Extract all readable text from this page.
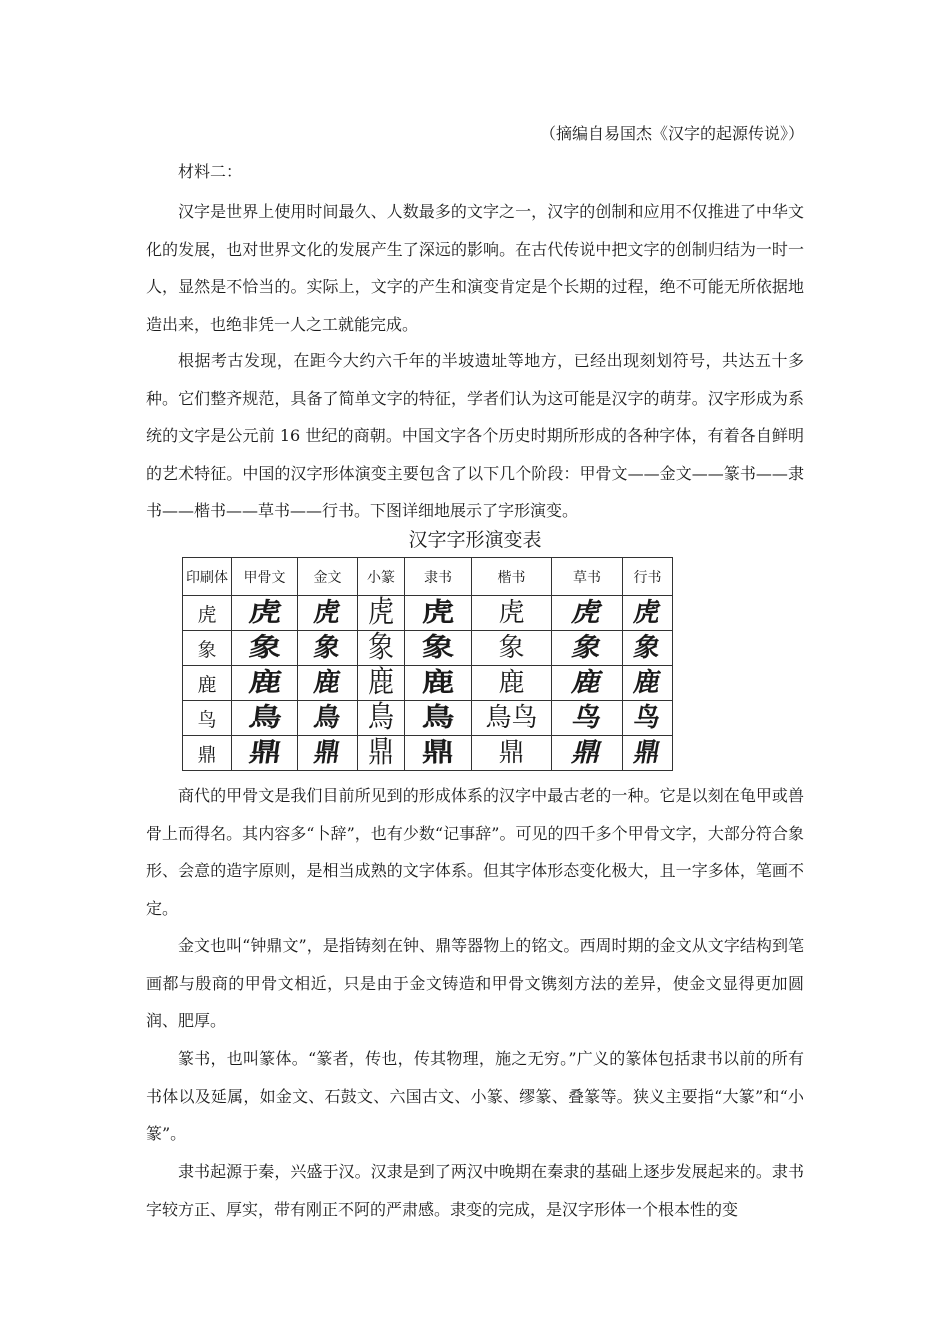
（摘编自易国杰《汉字的起源传说》）
材料二：

汉字是世界上使用时间最久、人数最多的文字之一，汉字的创制和应用不仅推进了中华文化的发展，也对世界文化的发展产生了深远的影响。在古代传说中把文字的创制归结为一时一人，显然是不恰当的。实际上，文字的产生和演变肯定是个长期的过程，绝不可能无所依据地造出来，也绝非凭一人之工就能完成。

根据考古发现，在距今大约六千年的半坡遗址等地方，已经出现刻划符号，共达五十多种。它们整齐规范，具备了简单文字的特征，学者们认为这可能是汉字的萌芽。汉字形成为系统的文字是公元前 16 世纪的商朝。中国文字各个历史时期所形成的各种字体，有着各自鲜明的艺术特征。中国的汉字形体演变主要包含了以下几个阶段：甲骨文——金文——篆书——隶书——楷书——草书——行书。下图详细地展示了字形演变。

汉字字形演变表
印刷体	甲骨文	金文	小篆	隶书	楷书	草书	行书
虎	虎	虎	虎	虎	虎	虎	虎
象	象	象	象	象	象	象	象
鹿	鹿	鹿	鹿	鹿	鹿	鹿	鹿
鸟	鳥	鳥	鳥	鳥	鳥鸟	鸟	鸟
鼎	鼎	鼎	鼎	鼎	鼎	鼎	鼎

商代的甲骨文是我们目前所见到的形成体系的汉字中最古老的一种。它是以刻在龟甲或兽骨上而得名。其内容多“卜辞”，也有少数“记事辞”。可见的四千多个甲骨文字，大部分符合象形、会意的造字原则，是相当成熟的文字体系。但其字体形态变化极大，且一字多体，笔画不定。

金文也叫“钟鼎文”，是指铸刻在钟、鼎等器物上的铭文。西周时期的金文从文字结构到笔画都与殷商的甲骨文相近，只是由于金文铸造和甲骨文镌刻方法的差异，使金文显得更加圆润、肥厚。

篆书，也叫篆体。“篆者，传也，传其物理，施之无穷。”广义的篆体包括隶书以前的所有书体以及延属，如金文、石鼓文、六国古文、小篆、缪篆、叠篆等。狭义主要指“大篆”和“小篆”。

隶书起源于秦，兴盛于汉。汉隶是到了两汉中晚期在秦隶的基础上逐步发展起来的。隶书字较方正、厚实，带有刚正不阿的严肃感。隶变的完成，是汉字形体一个根本性的变
